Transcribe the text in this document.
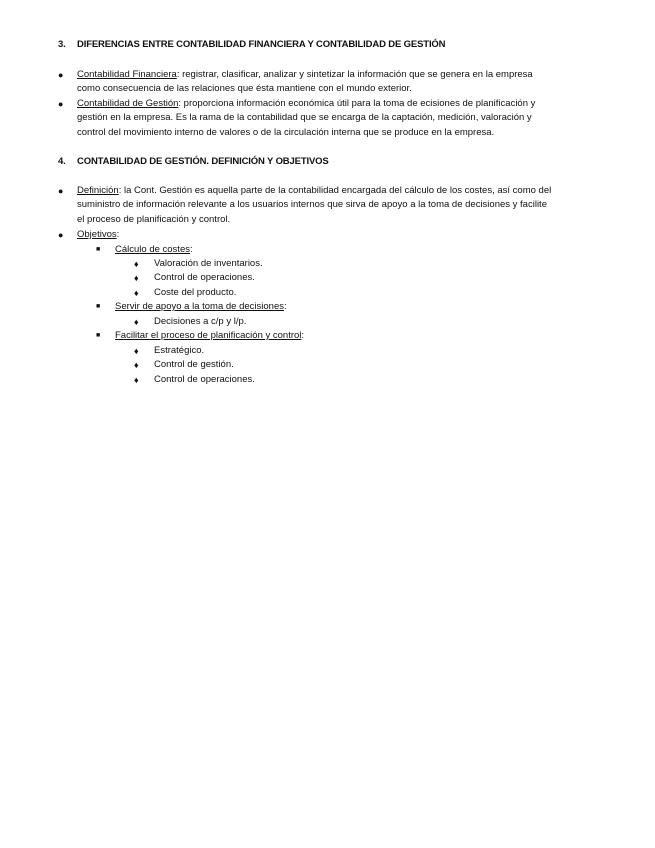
3.	DIFERENCIAS ENTRE CONTABILIDAD FINANCIERA Y CONTABILIDAD DE GESTIÓN
●	Contabilidad Financiera: registrar, clasificar, analizar y sintetizar la información que se genera en la empresa
como consecuencia de las relaciones que ésta mantiene con el mundo exterior.
●	Contabilidad de Gestión: proporciona información económica útil para la toma de ecisiones de planificación y
gestión en la empresa. Es la rama de la contabilidad que se encarga de la captación, medición, valoración y
control del movimiento interno de valores o de la circulación interna que se produce en la empresa.
4.	CONTABILIDAD DE GESTIÓN. DEFINICIÓN Y OBJETIVOS
●	Definición: la Cont. Gestión es aquella parte de la contabilidad encargada del cálculo de los costes, así como del
suministro de información relevante a los usuarios internos que sirva de apoyo a la toma de decisiones y facilite
el proceso de planificación y control.
●	Objetivos:
■	Cálculo de costes:
♦	Valoración de inventarios.
♦	Control de operaciones.
♦	Coste del producto.
■	Servir de apoyo a la toma de decisiones:
♦	Decisiones a c/p y l/p.
■	Facilitar el proceso de planificación y control:
♦	Estratégico.
♦	Control de gestión.
♦	Control de operaciones.
